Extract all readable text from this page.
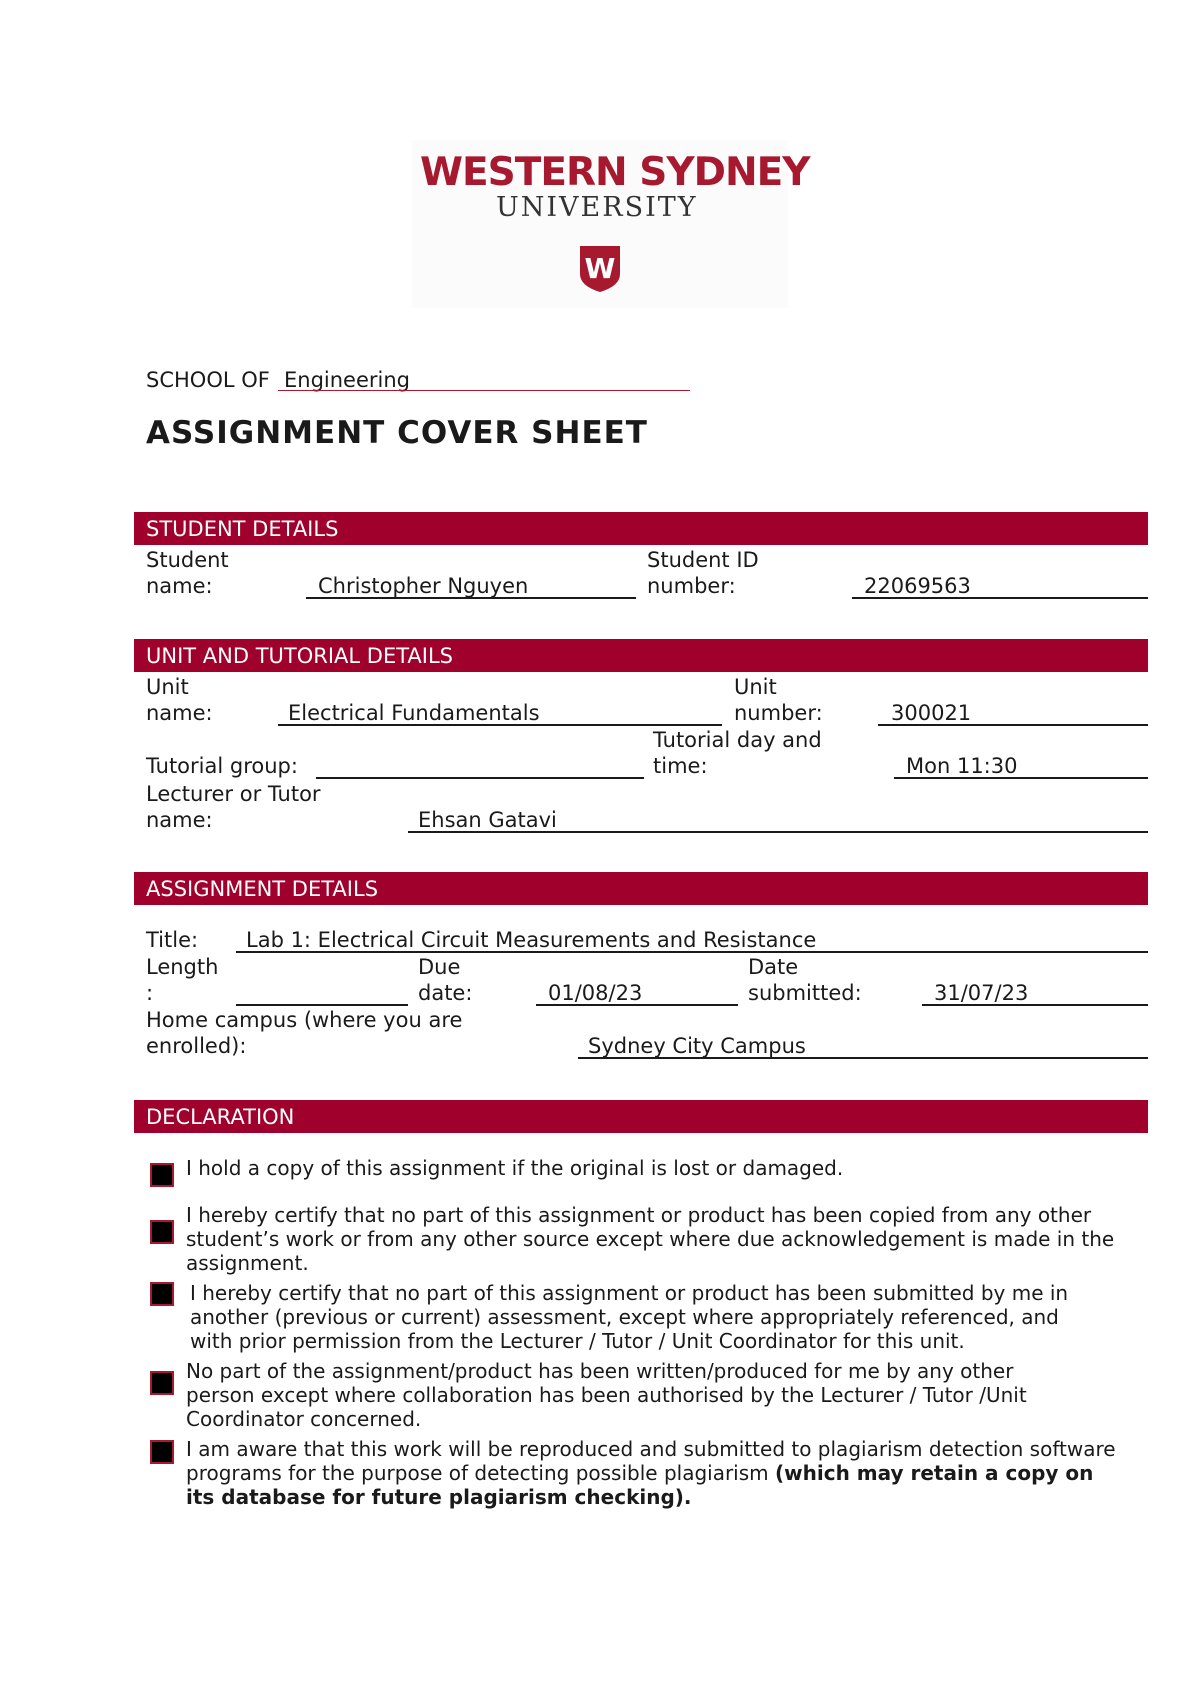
WESTERN SYDNEY
UNIVERSITY
W
SCHOOL OF Engineering
ASSIGNMENT COVER SHEET
STUDENT DETAILS
Student
name:	Christopher Nguyen
Student ID
number:	22069563
UNIT AND TUTORIAL DETAILS
Unit
name:	Electrical Fundamentals
Unit
number:	300021
Tutorial group:
Tutorial day and
time:	Mon 11:30
Lecturer or Tutor
name:	Ehsan Gatavi
ASSIGNMENT DETAILS
Title: Lab 1: Electrical Circuit Measurements and Resistance
Length
:
Due
date:	01/08/23
Date
submitted:	31/07/23
Home campus (where you are
enrolled):	Sydney City Campus
DECLARATION
I hold a copy of this assignment if the original is lost or damaged.
I hereby certify that no part of this assignment or product has been copied from any other
student’s work or from any other source except where due acknowledgement is made in the
assignment.
I hereby certify that no part of this assignment or product has been submitted by me in
another (previous or current) assessment, except where appropriately referenced, and
with prior permission from the Lecturer / Tutor / Unit Coordinator for this unit.
No part of the assignment/product has been written/produced for me by any other
person except where collaboration has been authorised by the Lecturer / Tutor /Unit
Coordinator concerned.
I am aware that this work will be reproduced and submitted to plagiarism detection software
programs for the purpose of detecting possible plagiarism (which may retain a copy on
its database for future plagiarism checking).
